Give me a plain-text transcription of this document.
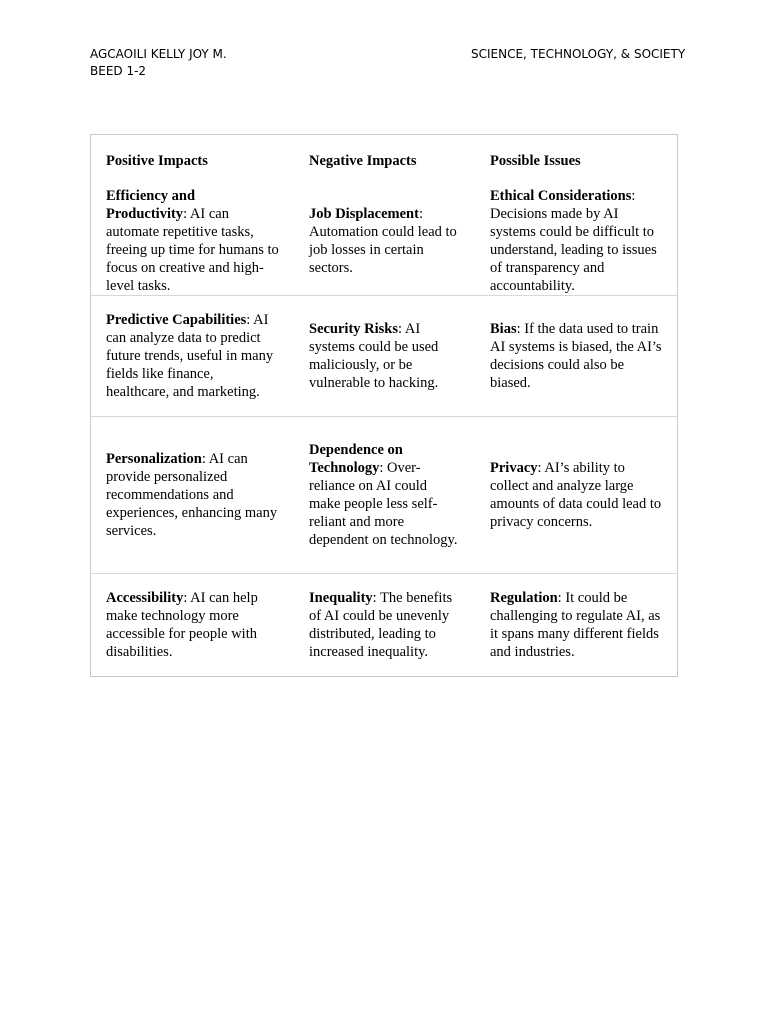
AGCAOILI KELLY JOY M.
BEED 1-2
SCIENCE, TECHNOLOGY, & SOCIETY
Positive Impacts	Negative Impacts	Possible Issues
Efficiency and Productivity: AI can automate repetitive tasks, freeing up time for humans to focus on creative and high-level tasks.	Job Displacement: Automation could lead to job losses in certain sectors.	Ethical Considerations: Decisions made by AI systems could be difficult to understand, leading to issues of transparency and accountability.
Predictive Capabilities: AI can analyze data to predict future trends, useful in many fields like finance, healthcare, and marketing.	Security Risks: AI systems could be used maliciously, or be vulnerable to hacking.	Bias: If the data used to train AI systems is biased, the AI’s decisions could also be biased.
Personalization: AI can provide personalized recommendations and experiences, enhancing many services.	Dependence on Technology: Over-reliance on AI could make people less self-reliant and more dependent on technology.	Privacy: AI’s ability to collect and analyze large amounts of data could lead to privacy concerns.
Accessibility: AI can help make technology more accessible for people with disabilities.	Inequality: The benefits of AI could be unevenly distributed, leading to increased inequality.	Regulation: It could be challenging to regulate AI, as it spans many different fields and industries.
